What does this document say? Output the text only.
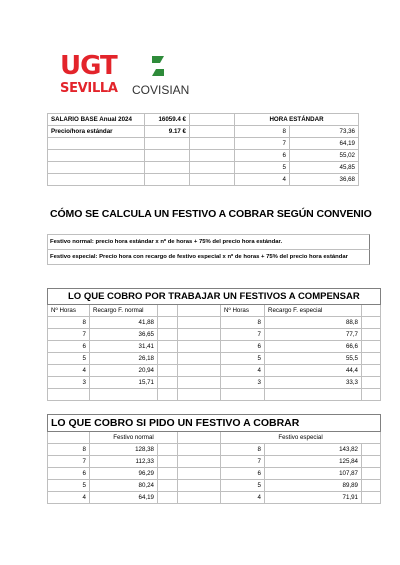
UGT
SEVILLA COVISIAN
SALARIO BASE Anual 2024	16059.4 €		HORA ESTÁNDAR	
Precio/hora estándar	9.17 €		8	73,36
			7	64,19
			6	55,02
			5	45,85
			4	36,68
CÓMO SE CALCULA UN FESTIVO A COBRAR SEGÚN CONVENIO
Festivo normal: precio hora estándar x nº de horas + 75% del precio hora estándar.
Festivo especial: Precio hora con recargo de festivo especial x nº de horas + 75% del precio hora estándar
LO QUE COBRO POR TRABAJAR UN FESTIVOS A COMPENSAR						
Nº Horas	Recargo F. normal			Nº Horas	Recargo F. especial	
8	41,88			8	88,8	
7	36,65			7	77,7	
6	31,41			6	66,6	
5	26,18			5	55,5	
4	20,94			4	44,4	
3	15,71			3	33,3	

LO QUE COBRO SI PIDO UN FESTIVO A COBRAR						
	Festivo normal			Festivo especial		
8	128,38			8	143,82	
7	112,33			7	125,84	
6	96,29			6	107,87	
5	80,24			5	89,89	
4	64,19			4	71,91	
